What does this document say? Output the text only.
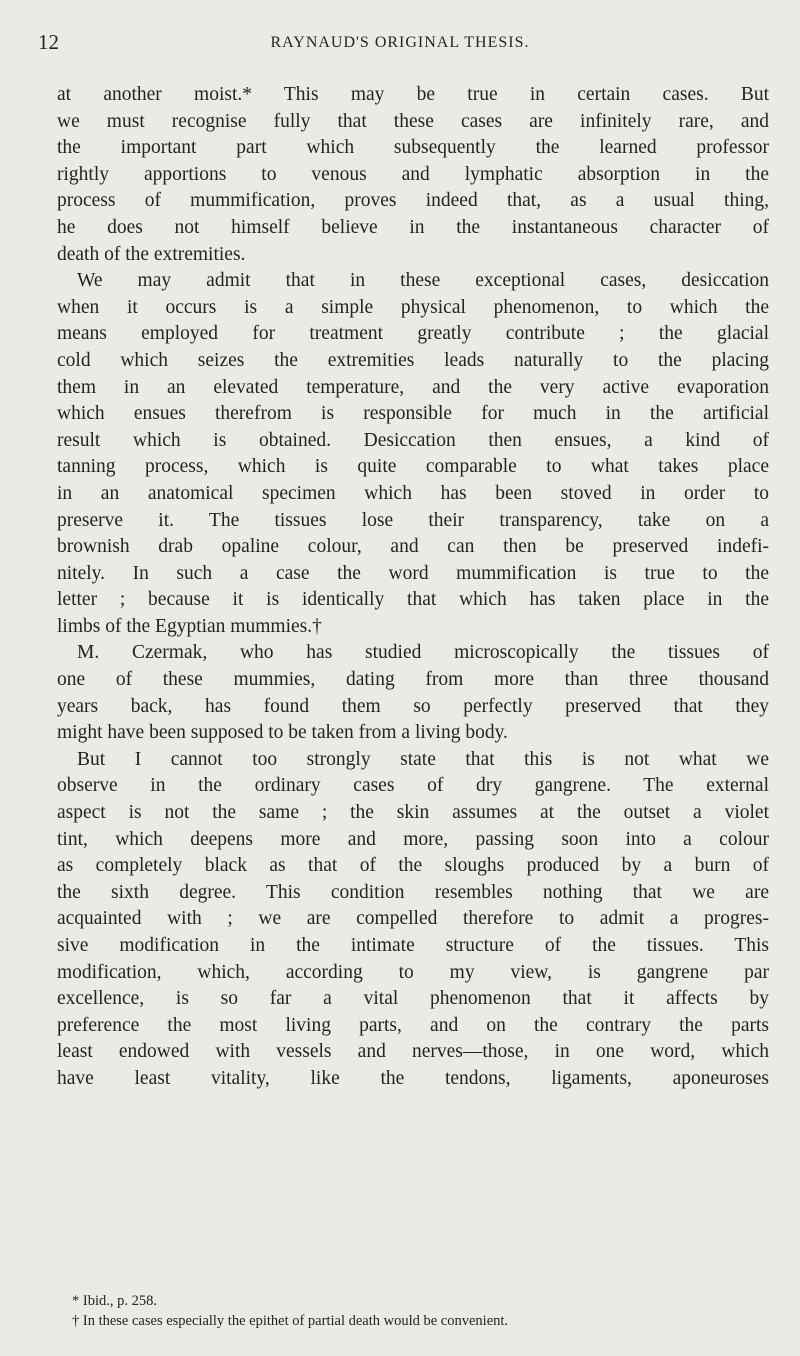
12	RAYNAUD'S ORIGINAL THESIS.
at another moist.* This may be true in certain cases. But
we must recognise fully that these cases are infinitely rare, and
the important part which subsequently the learned professor
rightly apportions to venous and lymphatic absorption in the
process of mummification, proves indeed that, as a usual thing,
he does not himself believe in the instantaneous character of
death of the extremities.
We may admit that in these exceptional cases, desiccation
when it occurs is a simple physical phenomenon, to which the
means employed for treatment greatly contribute ; the glacial
cold which seizes the extremities leads naturally to the placing
them in an elevated temperature, and the very active evaporation
which ensues therefrom is responsible for much in the artificial
result which is obtained. Desiccation then ensues, a kind of
tanning process, which is quite comparable to what takes place
in an anatomical specimen which has been stoved in order to
preserve it. The tissues lose their transparency, take on a
brownish drab opaline colour, and can then be preserved indefi-
nitely. In such a case the word mummification is true to the
letter ; because it is identically that which has taken place in the
limbs of the Egyptian mummies.†
M. Czermak, who has studied microscopically the tissues of
one of these mummies, dating from more than three thousand
years back, has found them so perfectly preserved that they
might have been supposed to be taken from a living body.
But I cannot too strongly state that this is not what we
observe in the ordinary cases of dry gangrene. The external
aspect is not the same ; the skin assumes at the outset a violet
tint, which deepens more and more, passing soon into a colour
as completely black as that of the sloughs produced by a burn of
the sixth degree. This condition resembles nothing that we are
acquainted with ; we are compelled therefore to admit a progres-
sive modification in the intimate structure of the tissues. This
modification, which, according to my view, is gangrene par
excellence, is so far a vital phenomenon that it affects by
preference the most living parts, and on the contrary the parts
least endowed with vessels and nerves—those, in one word, which
have least vitality, like the tendons, ligaments, aponeuroses
* Ibid., p. 258.
† In these cases especially the epithet of partial death would be convenient.
